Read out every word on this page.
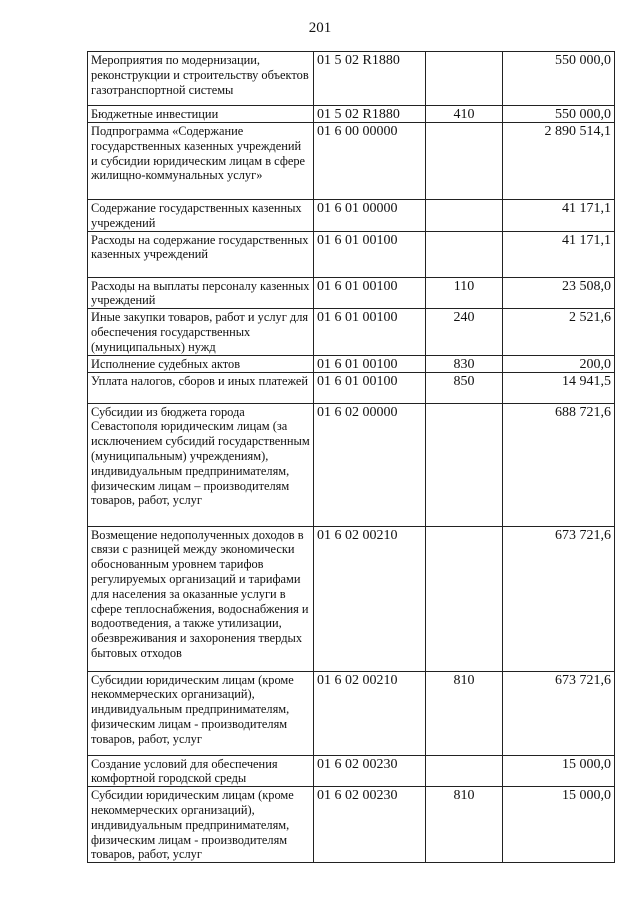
201
Мероприятия по модернизации, реконструкции и строительству объектов газотранспортной системы	01 5 02 R1880		550 000,0
Бюджетные инвестиции	01 5 02 R1880	410	550 000,0
Подпрограмма «Содержание государственных казенных учреждений и субсидии юридическим лицам в сфере жилищно-коммунальных услуг»	01 6 00 00000		2 890 514,1
Содержание государственных казенных учреждений	01 6 01 00000		41 171,1
Расходы на содержание государственных казенных учреждений	01 6 01 00100		41 171,1
Расходы на выплаты персоналу казенных учреждений	01 6 01 00100	110	23 508,0
Иные закупки товаров, работ и услуг для обеспечения государственных (муниципальных) нужд	01 6 01 00100	240	2 521,6
Исполнение судебных актов	01 6 01 00100	830	200,0
Уплата налогов, сборов и иных платежей	01 6 01 00100	850	14 941,5
Субсидии из бюджета города Севастополя юридическим лицам (за исключением субсидий государственным (муниципальным) учреждениям), индивидуальным предпринимателям, физическим лицам – производителям товаров, работ, услуг	01 6 02 00000		688 721,6
Возмещение недополученных доходов в связи с разницей между экономически обоснованным уровнем тарифов регулируемых организаций и тарифами для населения за оказанные услуги в сфере теплоснабжения, водоснабжения и водоотведения, а также утилизации, обезвреживания и захоронения твердых бытовых отходов	01 6 02 00210		673 721,6
Субсидии юридическим лицам (кроме некоммерческих организаций), индивидуальным предпринимателям, физическим лицам - производителям товаров, работ, услуг	01 6 02 00210	810	673 721,6
Создание условий для обеспечения комфортной городской среды	01 6 02 00230		15 000,0
Субсидии юридическим лицам (кроме некоммерческих организаций), индивидуальным предпринимателям, физическим лицам - производителям товаров, работ, услуг	01 6 02 00230	810	15 000,0
